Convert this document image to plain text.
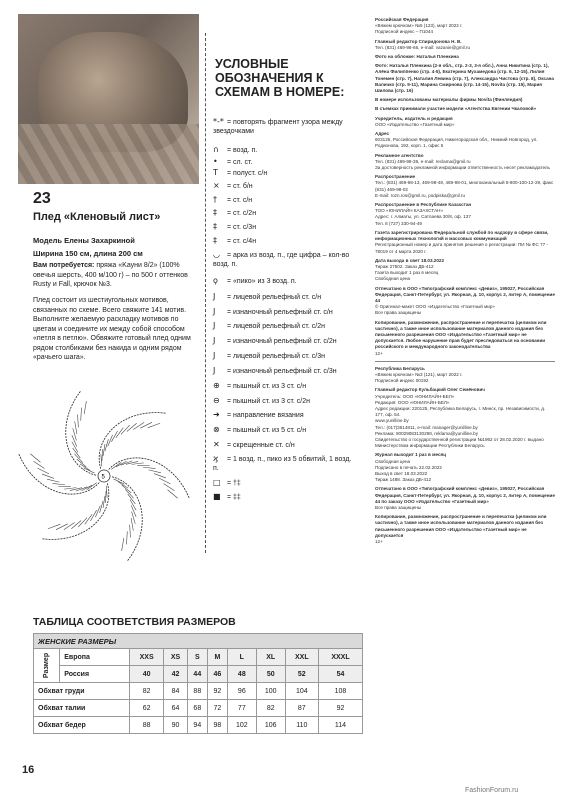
23
Плед «Кленовый лист»
Модель Елены Захаркиной
Ширина 150 см, длина 200 см
Вам потребуется: пряжа «Kауни 8/2» (100% овечья шерсть, 400 м/100 г) – по 500 г оттенков Rusty и Fall, крючок №3.
Плед состоит из шестиугольных мотивов, связанных по схеме. Всего свяжите 141 мотив. Выполните желаемую раскладку мотивов по цветам и соедините их между собой способом «петля в петлю». Обвяжите готовый плед одним рядом столбиками без накида и одним рядом «рачьего шага».
5
УСЛОВНЫЕ ОБОЗНАЧЕНИЯ К СХЕМАМ В НОМЕРЕ:
*-* = повторять фрагмент узора между звездочками
∩ = возд. п.
• = сл. ст.
T = полуст. с/н
× = ст. б/н
† = ст. с/н
‡ = ст. с/2н
‡ = ст. с/3н
‡ = ст. с/4н
◡ = арка из возд. п., где цифра – кол-во возд. п.
ϙ = «пико» из 3 возд. п.
Ј = лицевой рельефный ст. с/н
Ј = изнаночный рельефный ст. с/н
Ј = лицевой рельефный ст. с/2н
Ј = изнаночный рельефный ст. с/2н
Ј = лицевой рельефный ст. с/3н
Ј = изнаночный рельефный ст. с/3н
⊕ = пышный ст. из 3 ст. с/н
⊖ = пышный ст. из 3 ст. с/2н
➜ = направление вязания
⊗ = пышный ст. из 5 ст. с/н
✕ = скрещенные ст. с/н
ϗ = 1 возд. п., пико из 5 обвитий, 1 возд. п.
□ = †‡
■ = ‡‡
Российская Федерация
«Вяжем крючком» №5 (123), март 2022 г.
Подписной индекс – П1044
Главный редактор Спиридонова Н. В.
Тел. (831) 469-98-66, e-mail: vazanie@gmil.ru
Фото на обложке: Наталья Пленкина
Фото: Наталья Пленкина (2-я обл., стр. 2-3, 3-я обл.), Анна Никитина (стр. 1), Алёна Филиппенко (стр. 4-5), Екатерина Мухамедова (стр. 6, 12-15), Лилия Тонемен (стр. 7), Наталия Левина (стр. 7), Александра Чистова (стр. 8), Оксана Валичко (стр. 9-11), Марина Смирнова (стр. 14-15), Novita (стр. 15), Мария Шилова (стр. 16)
В номере использованы материалы фирмы Novita (Финляндия)
В съемках принимали участие модели «Агентства Евгении Чкаловой»
Учредитель, издатель и редакция
ООО «Издательство «Газетный мир»
Адрес
603126, Российская Федерация, Нижегородская обл., Нижний Новгород, ул. Родионова, 192, корп. 1, офис 5
Рекламное агентство
Тел. (831) 469-98-36, e-mail: reclama@gmil.ru
За достоверность рекламной информации ответственность несет рекламодатель
Распространение
Тел.: (831) 469-98-13, 469-98-48, 469-98-01, многоканальный 8-800-100-12-29, факс (831) 469-98-02
E-mail: rozn.ros@gmil.ru, podpiska@gmil.ru
Распространение в Республике Казахстан
ТОО «ЮНИЛАЙН КАЗАХСТАН»
Адрес: г. Алматы, ул. Сатпаева 30/8, оф. 137
Тел. 8 (727) 330-94-49
Газета зарегистрирована Федеральной службой по надзору в сфере связи, информационных технологий и массовых коммуникаций
Регистрационный номер и дата принятия решения о регистрации: ПИ № ФС 77 - 78019 от 4 марта 2020 г.
Дата выхода в свет 18.03.2022
Тираж 27502. Заказ ДБ-412
Газета выходит 1 раз в месяц
Свободная цена
Отпечатано в ООО «Типографский комплекс «Девиз», 195027, Российская Федерация, Санкт-Петербург, ул. Якорная, д. 10, корпус 2, литер А, помещение 44
© Оригинал-макет ООО «Издательство «Газетный мир»
Все права защищены
Копирование, размножение, распространение и перепечатка (целиком или частично), а также иное использование материалов данного издания без письменного разрешения ООО «Издательство «Газетный мир» не допускается. Любое нарушение прав будет преследоваться на основании российского и международного законодательства
12+
Республика Беларусь
«Вяжем крючком» №3 (121), март 2022 г.
Подписной индекс 00192
Главный редактор Кульбацкий Олег Семёнович
Учредитель: ООО «ЮНИЛАЙН-БЕЛ»
Редакция: ООО «ЮНИЛАЙН-БЕЛ»
Адрес редакции: 220125, Республика Беларусь, г. Минск, пр. Независимости, д. 177, оф. 54.
www.yunilline.by
Тел.: (017)3514811, e-mail: manager@yunilline.by
Реклама: 80029083130298, reklama@yunilline.by
Свидетельство о государственной регистрации №1962 от 28.02.2020 г. выдано Министерством информации Республики Беларусь
Журнал выходит 1 раз в месяц
Свободная цена
Подписано в печать 22.02.2022
Выход в свет 18.03.2022
Тираж 1488. Заказ ДБ-412
Отпечатано в ООО «Типографский комплекс «Девиз», 195027, Российская Федерация, Санкт-Петербург, ул. Якорная, д. 10, корпус 2, литер А, помещение 44 по заказу ООО «Издательство «Газетный мир»
Все права защищены
Копирование, размножение, распространение и перепечатка (целиком или частично), а также иное использование материалов данного издания без письменного разрешения ООО «Издательство «Газетный мир» не допускается
12+
ТАБЛИЦА СООТВЕТСТВИЯ РАЗМЕРОВ
ЖЕНСКИЕ РАЗМЕРЫ									
Размер	Европа	XXS	XS	S	M	L	XL	XXL	XXXL
	Россия	40	42	44	46	48	50	52	54
Обхват груди		82	84	88	92	96	100	104	108
Обхват талии		62	64	68	72	77	82	87	92
Обхват бедер		88	90	94	98	102	106	110	114
16
FashionForum.ru
